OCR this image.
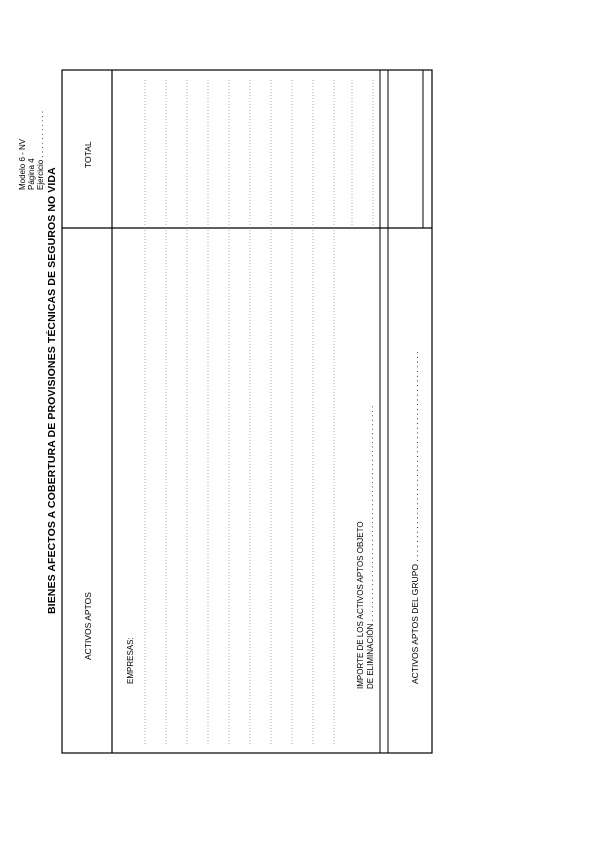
Modelo 6 - NV Página 4 Ejercicio . . . . . . . . . . .
BIENES AFECTOS A COBERTURA DE PROVISIONES TÉCNICAS DE SEGUROS NO VIDA
ACTIVOS APTOS
TOTAL
EMPRESAS:	IMPORTE DE LOS ACTIVOS APTOS OBJETO DE ELIMINACIÓN . . . . . . . . . . . . . . . . . . . . . . . . . . . . . . . . . . . . . . . . . . . . . . . . .	ACTIVOS APTOS DEL GRUPO . . . . . . . . . . . . . . . . . . . . . . . . . . . . . . . . . . . . . . . . . . . . .
